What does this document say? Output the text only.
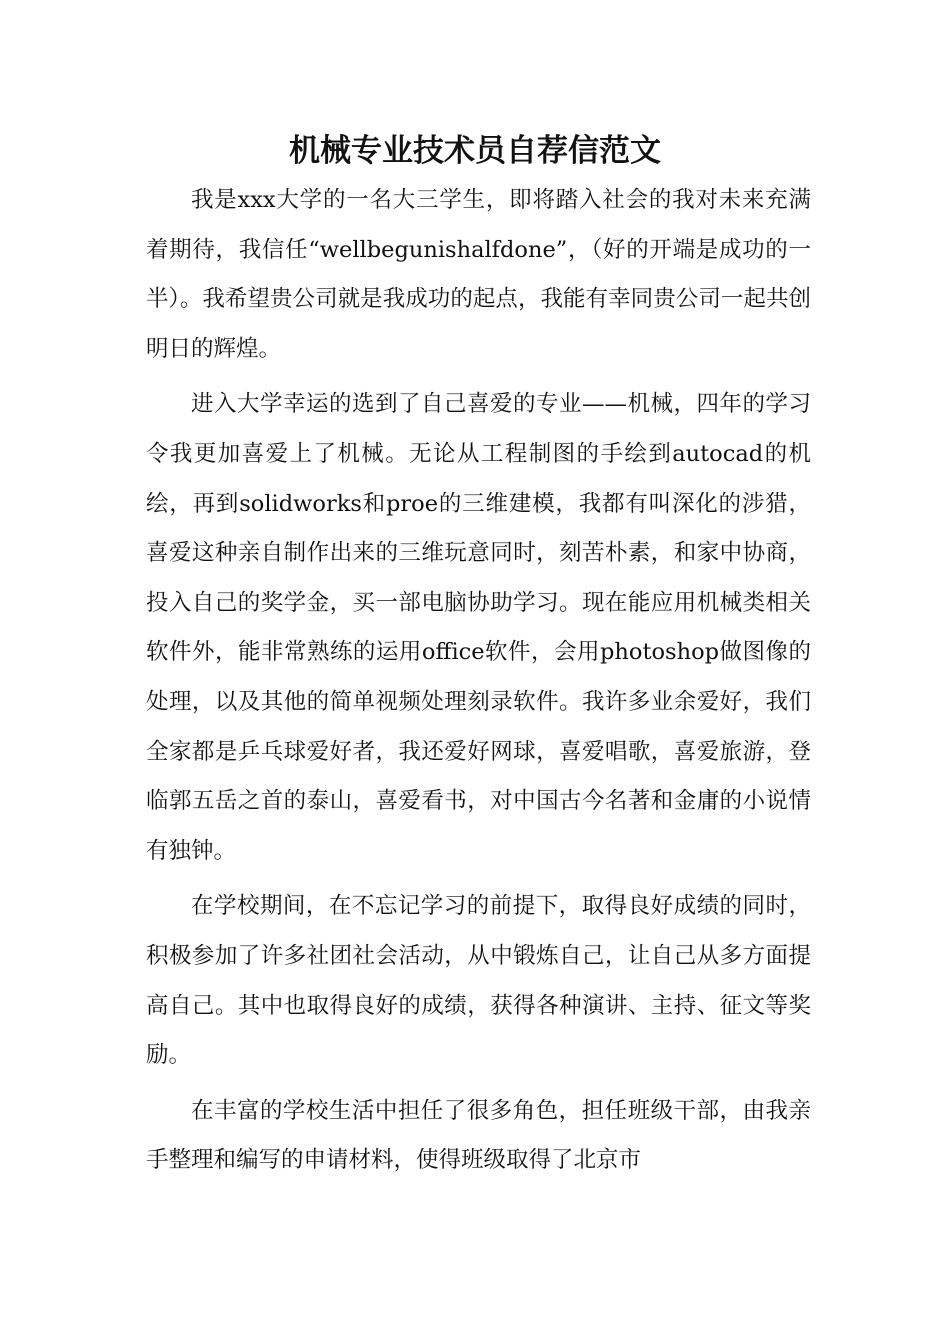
机械专业技术员自荐信范文

我是xxx大学的一名大三学生，即将踏入社会的我对未来充满着期待，我信任“wellbegunishalfdone”，（好的开端是成功的一半）。我希望贵公司就是我成功的起点，我能有幸同贵公司一起共创明日的辉煌。

进入大学幸运的选到了自己喜爱的专业——机械，四年的学习令我更加喜爱上了机械。无论从工程制图的手绘到autocad的机绘，再到solidworks和proe的三维建模，我都有叫深化的涉猎，喜爱这种亲自制作出来的三维玩意同时，刻苦朴素，和家中协商，投入自己的奖学金，买一部电脑协助学习。现在能应用机械类相关软件外，能非常熟练的运用office软件，会用photoshop做图像的处理，以及其他的简单视频处理刻录软件。我许多业余爱好，我们全家都是乒乓球爱好者，我还爱好网球，喜爱唱歌，喜爱旅游，登临郭五岳之首的泰山，喜爱看书，对中国古今名著和金庸的小说情有独钟。

在学校期间，在不忘记学习的前提下，取得良好成绩的同时，积极参加了许多社团社会活动，从中锻炼自己，让自己从多方面提高自己。其中也取得良好的成绩，获得各种演讲、主持、征文等奖励。

在丰富的学校生活中担任了很多角色，担任班级干部，由我亲手整理和编写的申请材料，使得班级取得了北京市
